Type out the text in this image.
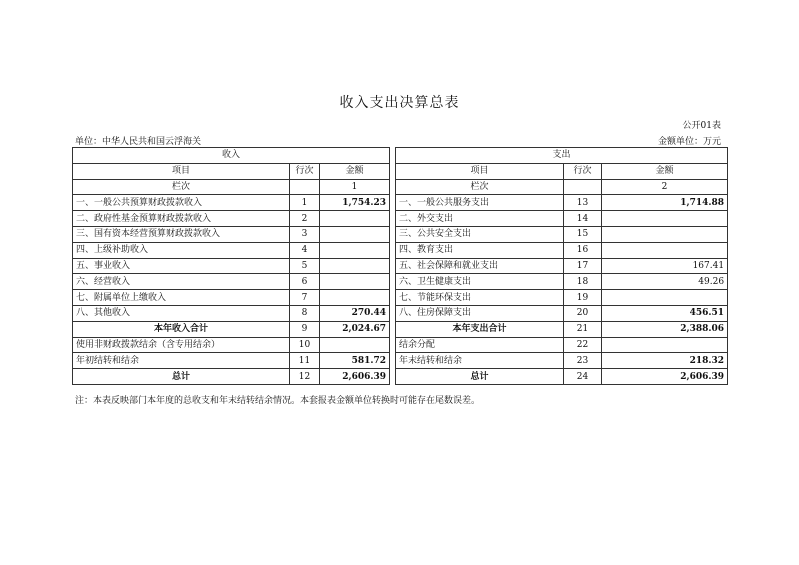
收入支出决算总表
公开01表
单位：中华人民共和国云浮海关	金额单位：万元
收入				支出		
项目	行次	金额		项目	行次	金额
栏次		1		栏次		2
一、一般公共预算财政拨款收入	1	1,754.23		一、一般公共服务支出	13	1,714.88
二、政府性基金预算财政拨款收入	2			二、外交支出	14	
三、国有资本经营预算财政拨款收入	3			三、公共安全支出	15	
四、上级补助收入	4			四、教育支出	16	
五、事业收入	5			五、社会保障和就业支出	17	167.41
六、经营收入	6			六、卫生健康支出	18	49.26
七、附属单位上缴收入	7			七、节能环保支出	19	
八、其他收入	8	270.44		八、住房保障支出	20	456.51
本年收入合计	9	2,024.67		本年支出合计	21	2,388.06
使用非财政拨款结余（含专用结余）	10			结余分配	22	
年初结转和结余	11	581.72		年末结转和结余	23	218.32
总计	12	2,606.39		总计	24	2,606.39
注：本表反映部门本年度的总收支和年末结转结余情况。本套报表金额单位转换时可能存在尾数误差。
